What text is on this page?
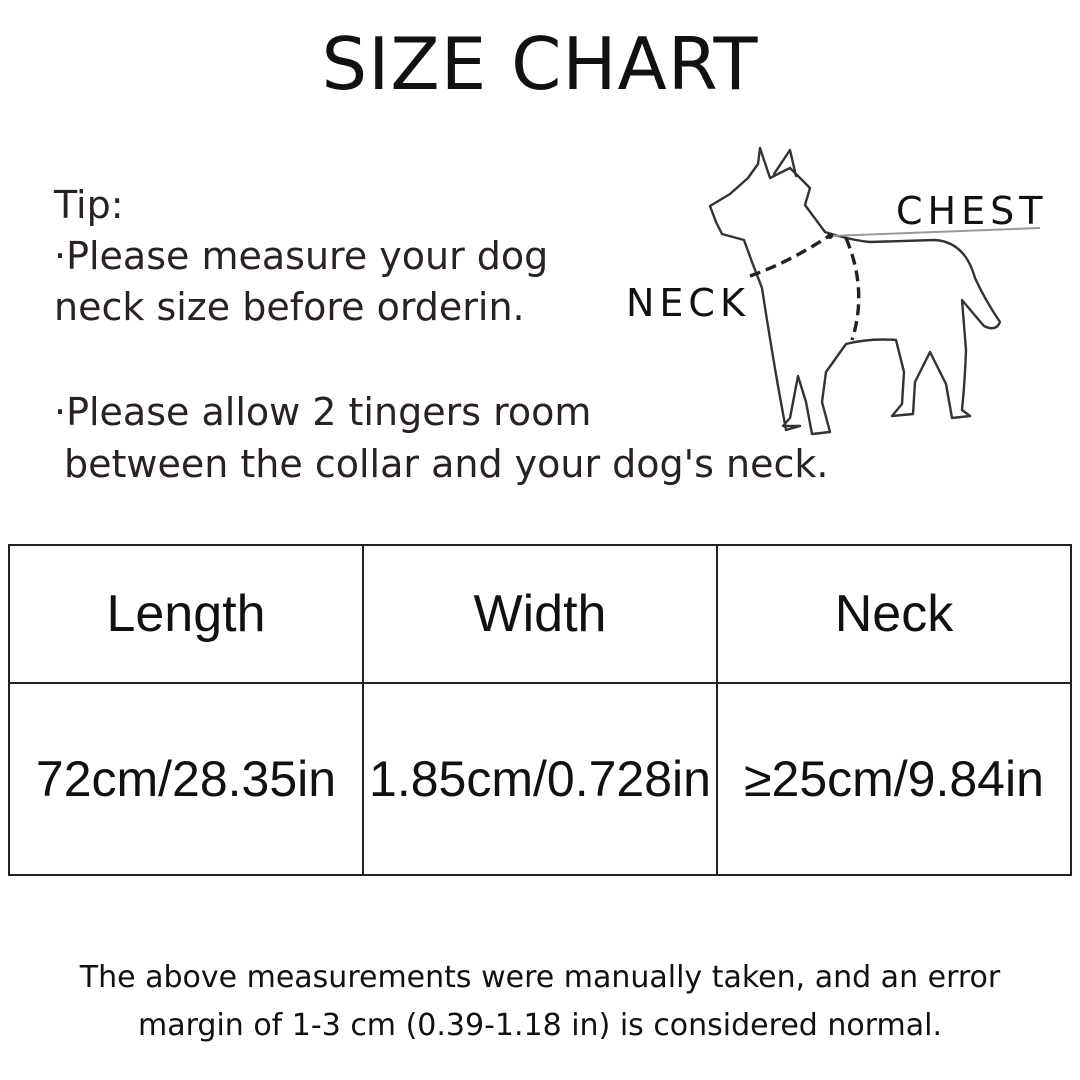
SIZE CHART
Tip:
·Please measure your dog
neck size before orderin.
·Please allow 2 tingers room
between the collar and your dog's neck.
CHEST
NECK
Length	Width	Neck
72cm/28.35in	1.85cm/0.728in	≥25cm/9.84in
The above measurements were manually taken, and an error
margin of 1-3 cm (0.39-1.18 in) is considered normal.
